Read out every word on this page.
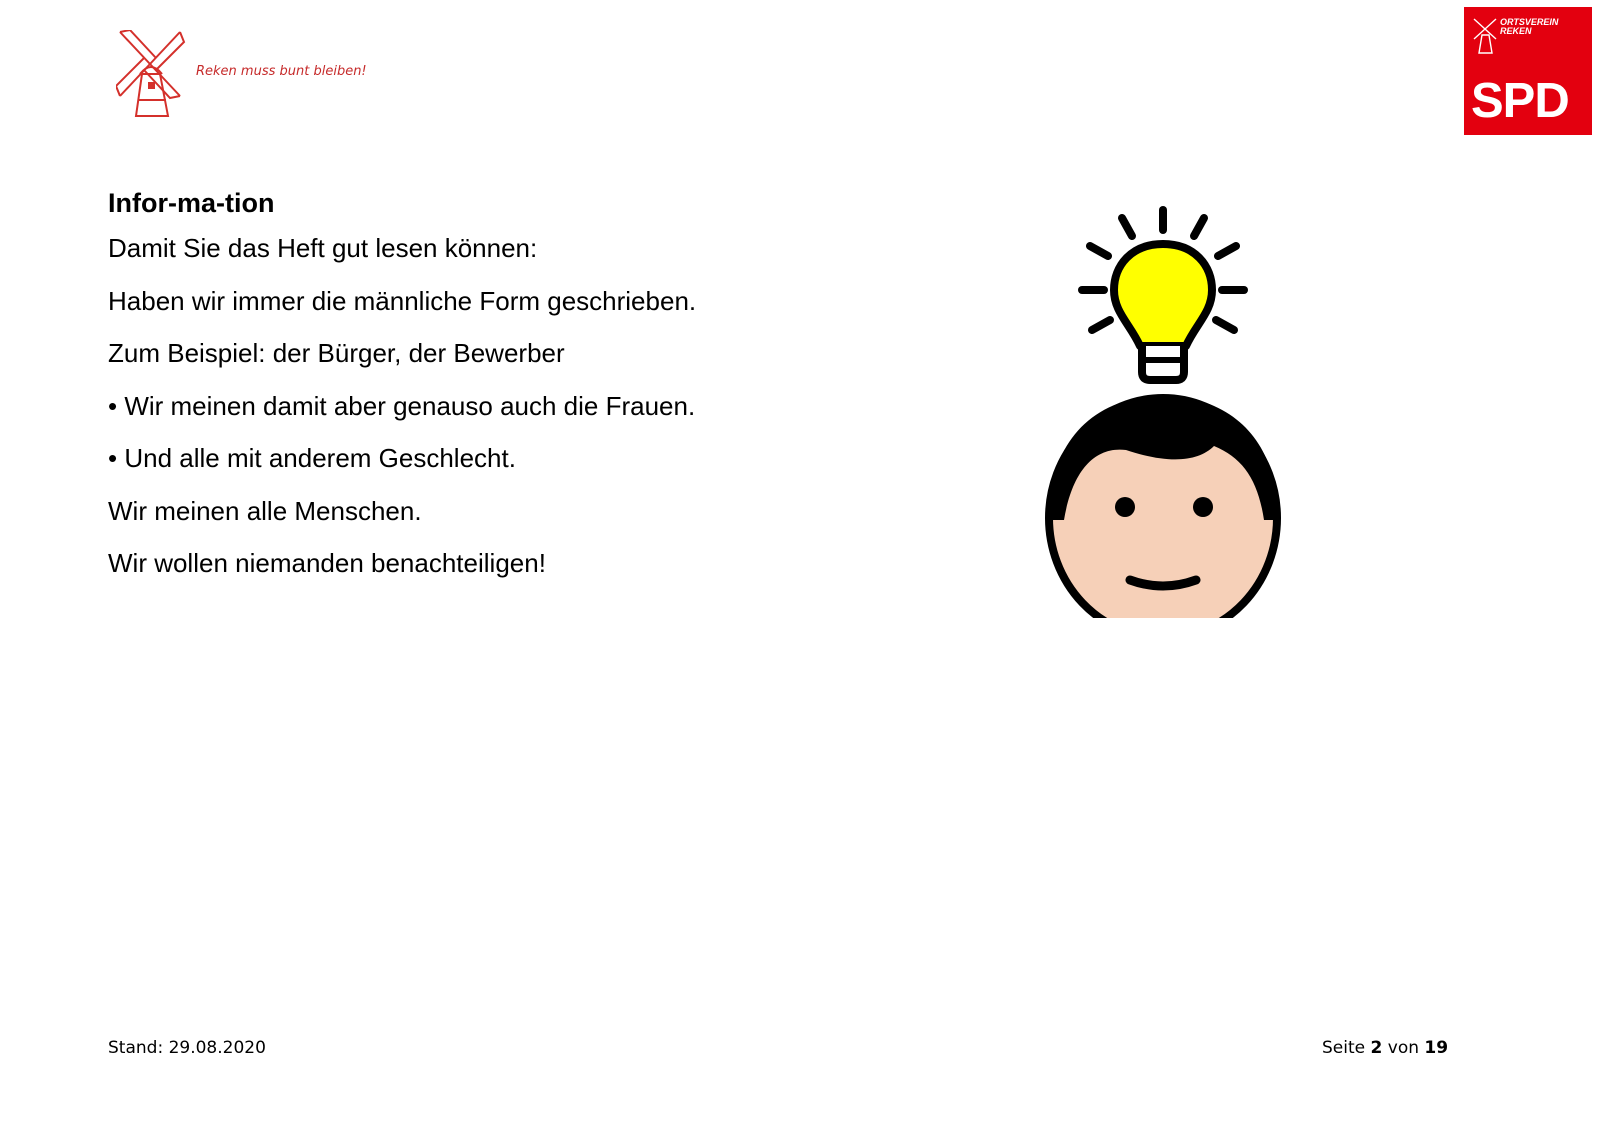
Reken muss bunt bleiben!
ORTSVEREIN REKEN
SPD
Infor-ma-tion
Damit Sie das Heft gut lesen können:
Haben wir immer die männliche Form geschrieben.
Zum Beispiel: der Bürger, der Bewerber
• Wir meinen damit aber genauso auch die Frauen.
• Und alle mit anderem Geschlecht.
Wir meinen alle Menschen.
Wir wollen niemanden benachteiligen!
Stand: 29.08.2020	Seite 2 von 19
